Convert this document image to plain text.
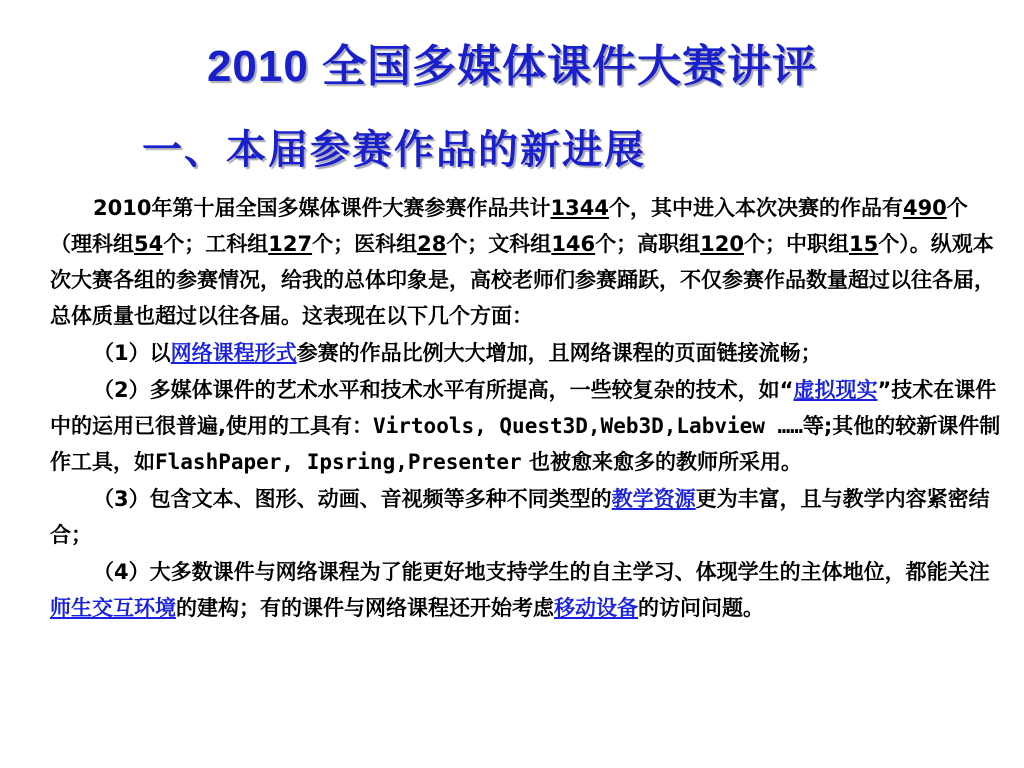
2010 全国多媒体课件大赛讲评
一、本届参赛作品的新进展

2010年第十届全国多媒体课件大赛参赛作品共计1344个，其中进入本次决赛的作品有490个（理科组54个；工科组127个；医科组28个；文科组146个；高职组120个；中职组15个）。纵观本次大赛各组的参赛情况，给我的总体印象是，高校老师们参赛踊跃，不仅参赛作品数量超过以往各届，总体质量也超过以往各届。这表现在以下几个方面：

（1）以网络课程形式参赛的作品比例大大增加，且网络课程的页面链接流畅；

（2）多媒体课件的艺术水平和技术水平有所提高，一些较复杂的技术，如“虚拟现实”技术在课件中的运用已很普遍,使用的工具有：Virtools, Quest3D,Web3D,Labview ……等;其他的较新课件制作工具，如FlashPaper, Ipsring,Presenter 也被愈来愈多的教师所采用。

（3）包含文本、图形、动画、音视频等多种不同类型的教学资源更为丰富，且与教学内容紧密结合；

（4）大多数课件与网络课程为了能更好地支持学生的自主学习、体现学生的主体地位，都能关注师生交互环境的建构；有的课件与网络课程还开始考虑移动设备的访问问题。
